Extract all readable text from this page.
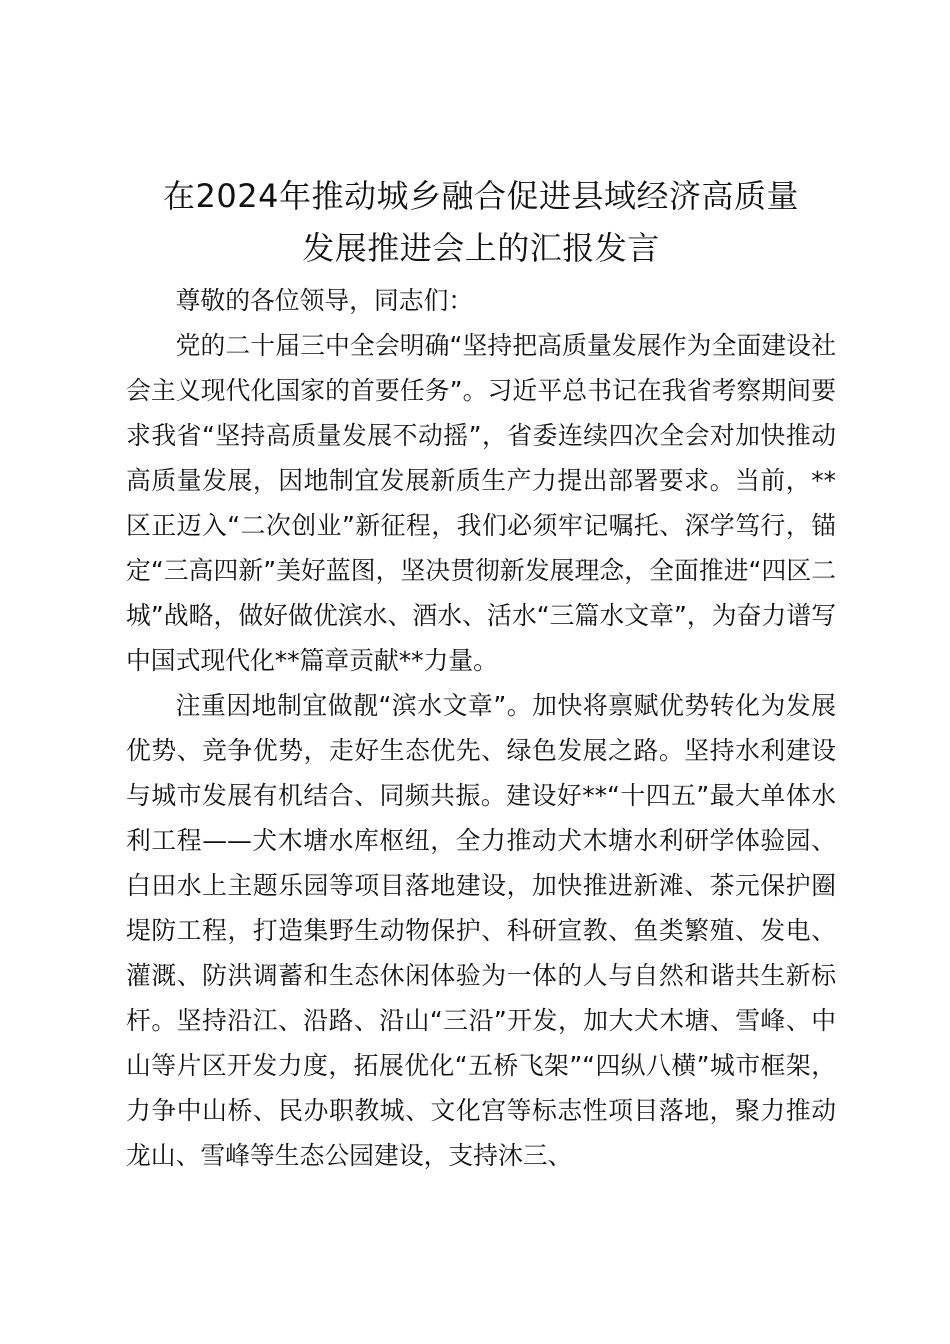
在2024年推动城乡融合促进县域经济高质量
发展推进会上的汇报发言

尊敬的各位领导，同志们：

党的二十届三中全会明确“坚持把高质量发展作为全面建设社会主义现代化国家的首要任务”。习近平总书记在我省考察期间要求我省“坚持高质量发展不动摇”，省委连续四次全会对加快推动高质量发展，因地制宜发展新质生产力提出部署要求。当前，**区正迈入“二次创业”新征程，我们必须牢记嘱托、深学笃行，锚定“三高四新”美好蓝图，坚决贯彻新发展理念，全面推进“四区二城”战略，做好做优滨水、酒水、活水“三篇水文章”，为奋力谱写中国式现代化**篇章贡献**力量。

注重因地制宜做靓“滨水文章”。加快将禀赋优势转化为发展优势、竞争优势，走好生态优先、绿色发展之路。坚持水利建设与城市发展有机结合、同频共振。建设好**“十四五”最大单体水利工程——犬木塘水库枢纽，全力推动犬木塘水利研学体验园、白田水上主题乐园等项目落地建设，加快推进新滩、茶元保护圈堤防工程，打造集野生动物保护、科研宣教、鱼类繁殖、发电、灌溉、防洪调蓄和生态休闲体验为一体的人与自然和谐共生新标杆。坚持沿江、沿路、沿山“三沿”开发，加大犬木塘、雪峰、中山等片区开发力度，拓展优化“五桥飞架”“四纵八横”城市框架，力争中山桥、民办职教城、文化宫等标志性项目落地，聚力推动龙山、雪峰等生态公园建设，支持沐三、
